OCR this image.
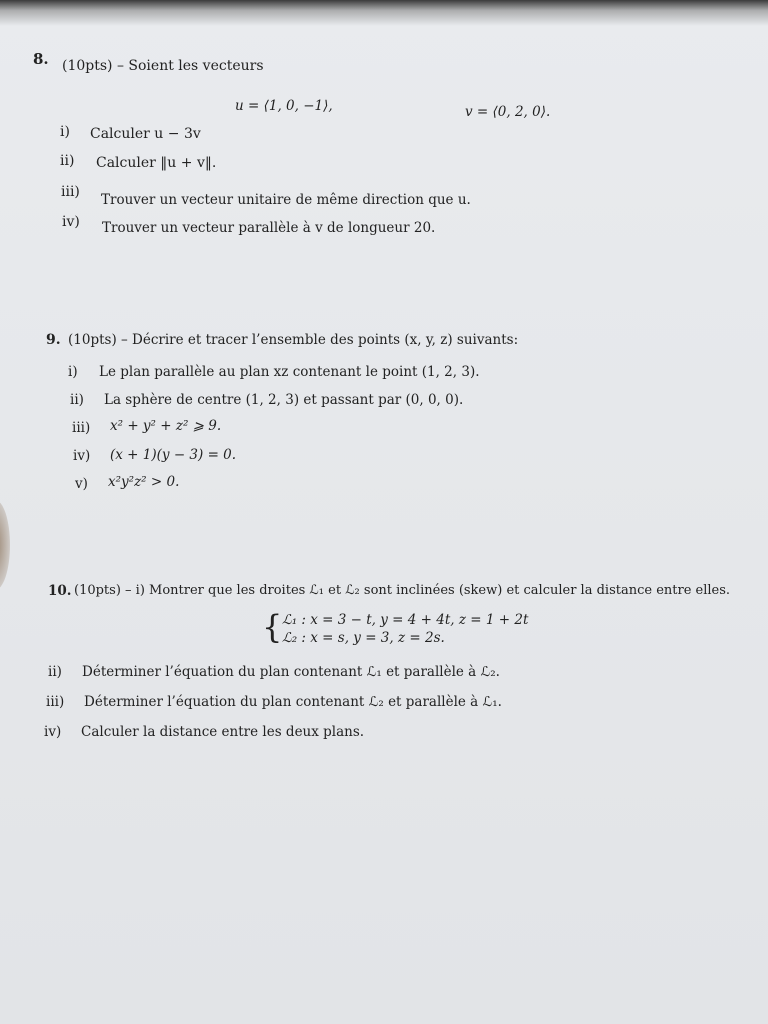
8. (10pts) – Soient les vecteurs
u = ⟨1, 0, −1⟩,	v = ⟨0, 2, 0⟩.
i) Calculer u − 3v
ii) Calculer ‖u + v‖.
iii) Trouver un vecteur unitaire de même direction que u.
iv) Trouver un vecteur parallèle à v de longueur 20.
9. (10pts) – Décrire et tracer l’ensemble des points (x, y, z) suivants:
i) Le plan parallèle au plan xz contenant le point (1, 2, 3).
ii) La sphère de centre (1, 2, 3) et passant par (0, 0, 0).
iii) x² + y² + z² ⩾ 9.
iv) (x + 1)(y − 3) = 0.
v) x²y²z² > 0.
10. (10pts) – i) Montrer que les droites ℒ₁ et ℒ₂ sont inclinées (skew) et calculer la distance entre elles.
{ ℒ₁ : x = 3 − t, y = 4 + 4t, z = 1 + 2t
ℒ₂ : x = s, y = 3, z = 2s.
ii) Déterminer l’équation du plan contenant ℒ₁ et parallèle à ℒ₂.
iii) Déterminer l’équation du plan contenant ℒ₂ et parallèle à ℒ₁.
iv) Calculer la distance entre les deux plans.
